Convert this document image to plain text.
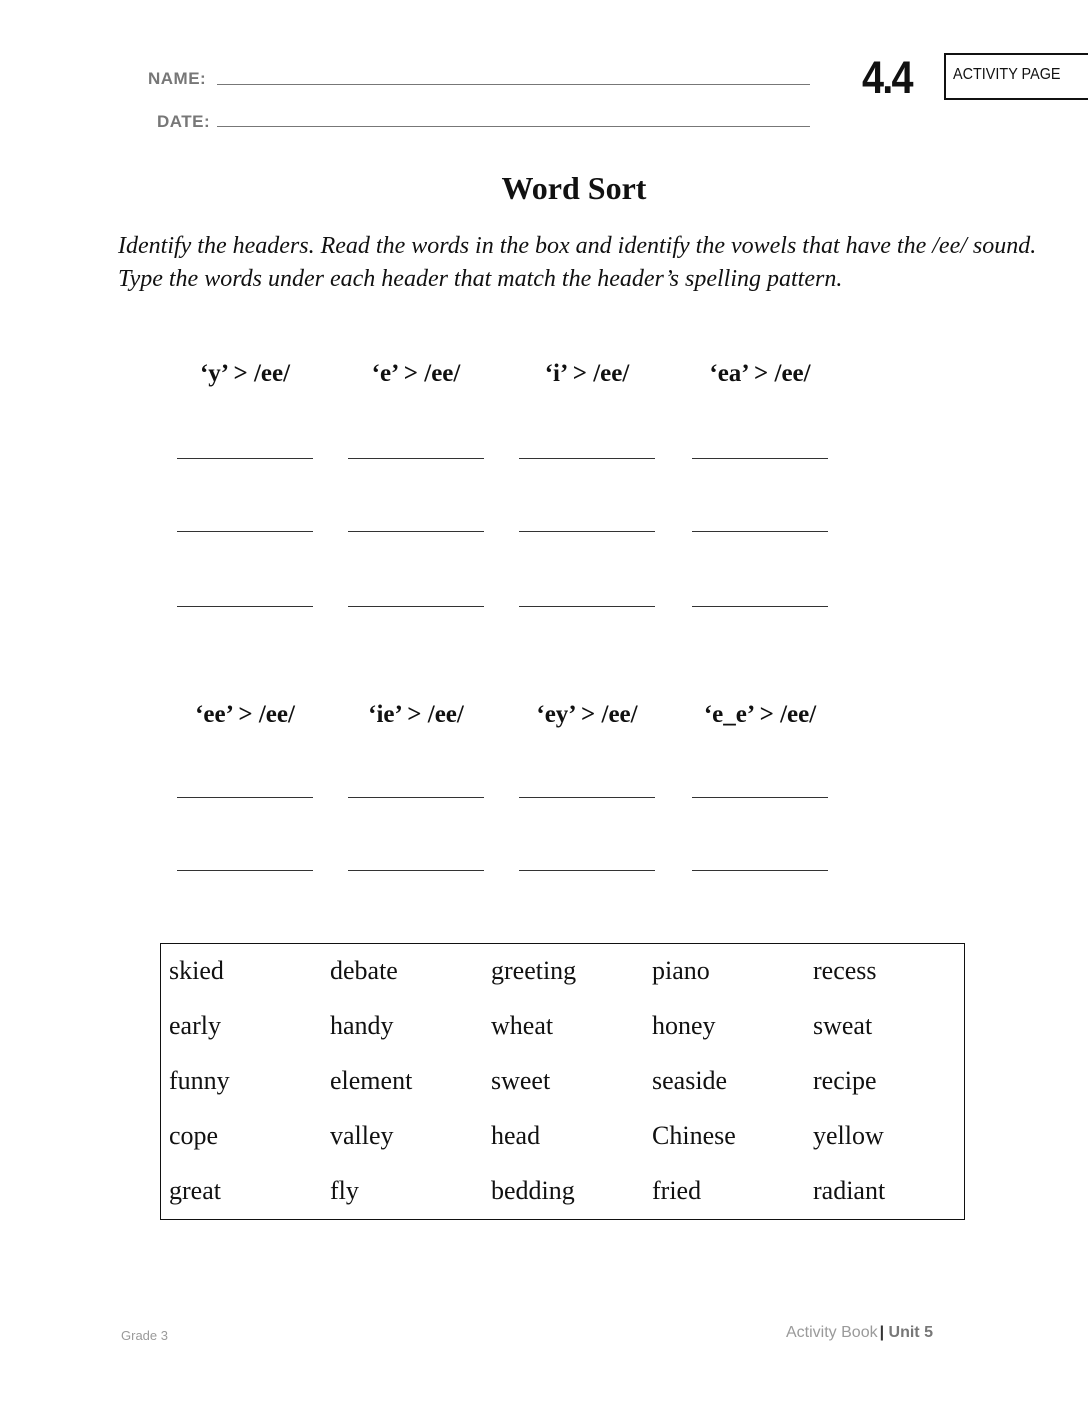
NAME:
DATE:
4.4	ACTIVITY PAGE
Word Sort
Identify the headers. Read the words in the box and identify the vowels that have the /ee/ sound. Type the words under each header that match the header’s spelling pattern.
‘y’ > /ee/	‘e’ > /ee/	‘i’ > /ee/	‘ea’ > /ee/
‘ee’ > /ee/	‘ie’ > /ee/	‘ey’ > /ee/	‘e_e’ > /ee/
skied	debate	greeting	piano	recess
early	handy	wheat	honey	sweat
funny	element	sweet	seaside	recipe
cope	valley	head	Chinese	yellow
great	fly	bedding	fried	radiant
Grade 3	Activity Book | Unit 5
